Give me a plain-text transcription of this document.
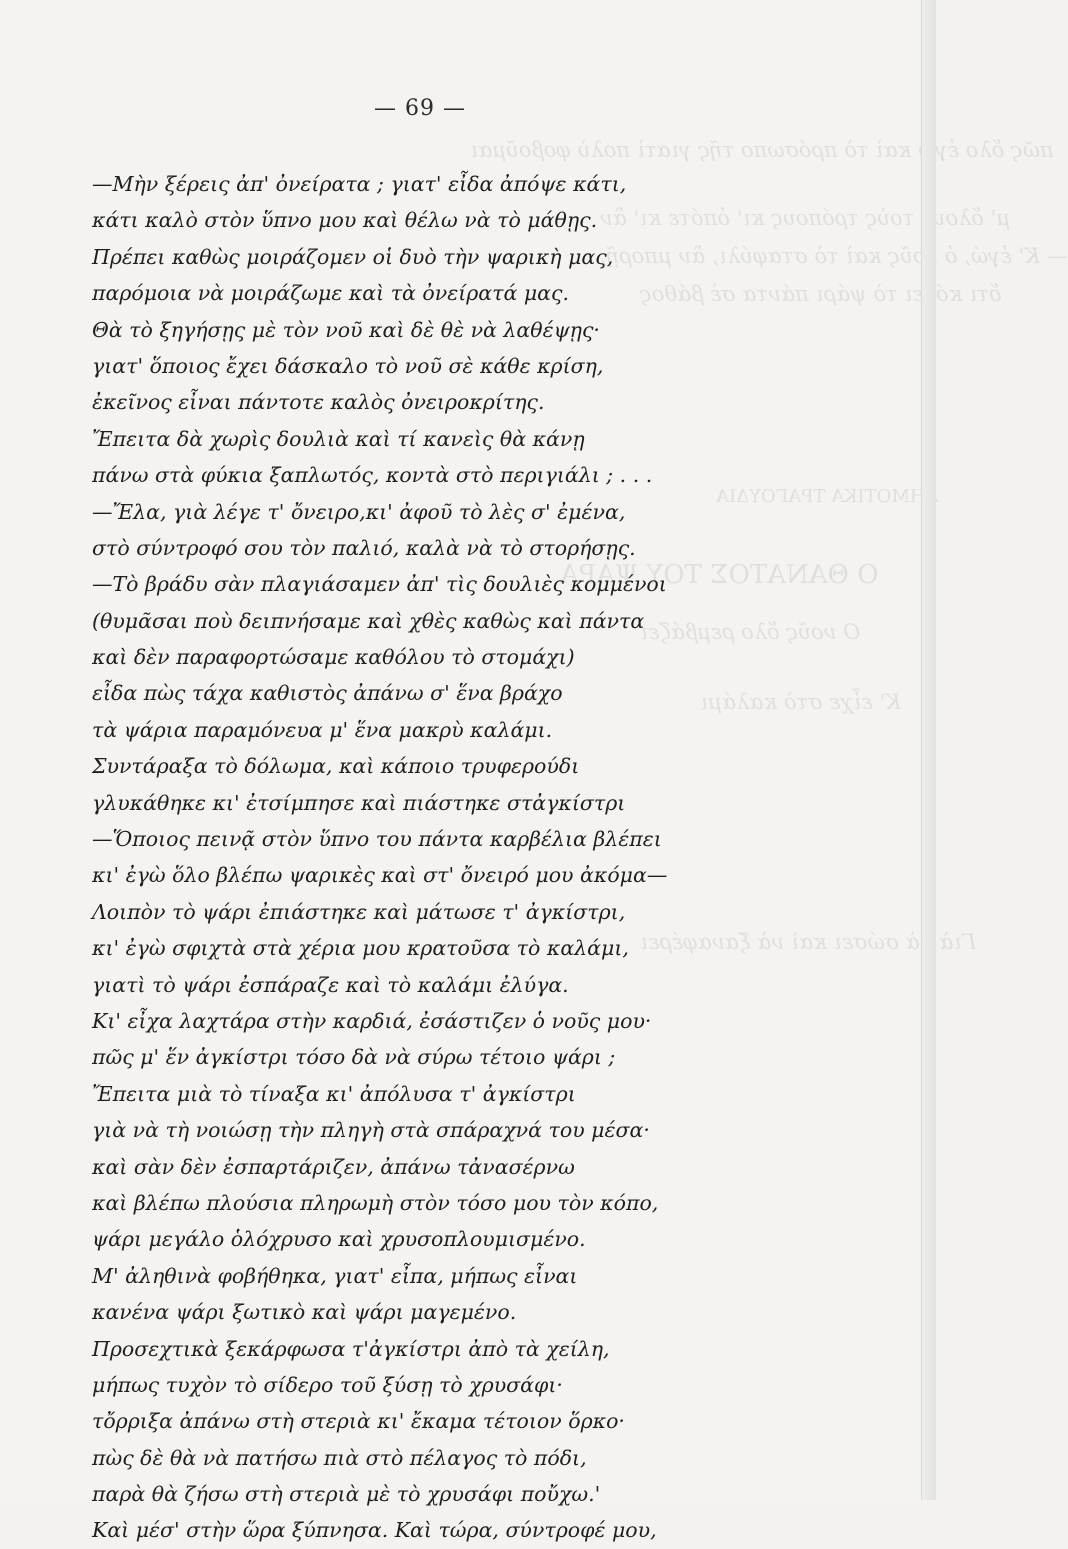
πῶς ὅλο ἐγὼ καὶ τὸ πρόσωπο τῆς γιατὶ πολὺ φοβοῦμαι
μ' ὅλους τοὺς τρόπους κι' ὁπότε κι' ἂν
— Κ' ἐγώ, ὁ νοῦς καὶ τὸ σταφύλι, ἂν μπορῇ,
ὅτι κόβει τὸ ψάρι πάντα σὲ βάθος
ΔΗΜΟΤΙΚΑ ΤΡΑΓΟΥΔΙΑ
Ο ΘΑΝΑΤΟΣ ΤΟΥ ΨΑΡΑ
Ο νοῦς ὅλο ρεμβάζει
Κ' εἶχε στὸ καλάμι
Γιὰ νὰ σώσει καὶ νὰ ξαναφέρει
— 69 —
—Μὴν ξέρεις ἀπ' ὀνείρατα ; γιατ' εἶδα ἀπόψε κάτι,
κάτι καλὸ στὸν ὕπνο μου καὶ θέλω νὰ τὸ μάθῃς.
Πρέπει καθὼς μοιράζομεν οἱ δυὸ τὴν ψαρικὴ μας,
παρόμοια νὰ μοιράζωμε καὶ τὰ ὀνείρατά μας.
Θὰ τὸ ξηγήσῃς μὲ τὸν νοῦ καὶ δὲ θὲ νὰ λαθέψῃς·
γιατ' ὅποιος ἔχει δάσκαλο τὸ νοῦ σὲ κάθε κρίση,
ἐκεῖνος εἶναι πάντοτε καλὸς ὀνειροκρίτης.
Ἔπειτα δὰ χωρὶς δουλιὰ καὶ τί κανεὶς θὰ κάνῃ
πάνω στὰ φύκια ξαπλωτός, κοντὰ στὸ περιγιάλι ; . . .
—Ἔλα, γιὰ λέγε τ' ὄνειρο,κι' ἀφοῦ τὸ λὲς σ' ἐμένα,
στὸ σύντροφό σου τὸν παλιό, καλὰ νὰ τὸ στορήσῃς.
—Τὸ βράδυ σὰν πλαγιάσαμεν ἀπ' τὶς δουλιὲς κομμένοι
(θυμᾶσαι ποὺ δειπνήσαμε καὶ χθὲς καθὼς καὶ πάντα
καὶ δὲν παραφορτώσαμε καθόλου τὸ στομάχι)
εἶδα πὼς τάχα καθιστὸς ἀπάνω σ' ἕνα βράχο
τὰ ψάρια παραμόνευα μ' ἕνα μακρὺ καλάμι.
Συντάραξα τὸ δόλωμα, καὶ κάποιο τρυφερούδι
γλυκάθηκε κι' ἐτσίμπησε καὶ πιάστηκε στἀγκίστρι
—Ὅποιος πεινᾷ στὸν ὕπνο του πάντα καρβέλια βλέπει
κι' ἐγὼ ὅλο βλέπω ψαρικὲς καὶ στ' ὄνειρό μου ἀκόμα—
Λοιπὸν τὸ ψάρι ἐπιάστηκε καὶ μάτωσε τ' ἀγκίστρι,
κι' ἐγὼ σφιχτὰ στὰ χέρια μου κρατοῦσα τὸ καλάμι,
γιατὶ τὸ ψάρι ἐσπάραζε καὶ τὸ καλάμι ἐλύγα.
Κι' εἶχα λαχτάρα στὴν καρδιά, ἐσάστιζεν ὁ νοῦς μου·
πῶς μ' ἕν ἀγκίστρι τόσο δὰ νὰ σύρω τέτοιο ψάρι ;
Ἔπειτα μιὰ τὸ τίναξα κι' ἀπόλυσα τ' ἀγκίστρι
γιὰ νὰ τὴ νοιώσῃ τὴν πληγὴ στὰ σπάραχνά του μέσα·
καὶ σὰν δὲν ἐσπαρτάριζεν, ἀπάνω τἀνασέρνω
καὶ βλέπω πλούσια πληρωμὴ στὸν τόσο μου τὸν κόπο,
ψάρι μεγάλο ὁλόχρυσο καὶ χρυσοπλουμισμένο.
Μ' ἀληθινὰ φοβήθηκα, γιατ' εἶπα, μήπως εἶναι
κανένα ψάρι ξωτικὸ καὶ ψάρι μαγεμένο.
Προσεχτικὰ ξεκάρφωσα τ'ἀγκίστρι ἀπὸ τὰ χείλη,
μήπως τυχὸν τὸ σίδερο τοῦ ξύσῃ τὸ χρυσάφι·
τὄρριξα ἀπάνω στὴ στεριὰ κι' ἔκαμα τέτοιον ὅρκο·
πὼς δὲ θὰ νὰ πατήσω πιὰ στὸ πέλαγος τὸ πόδι,
παρὰ θὰ ζήσω στὴ στεριὰ μὲ τὸ χρυσάφι ποὔχω.'
Καὶ μέσ' στὴν ὥρα ξύπνησα. Καὶ τώρα, σύντροφέ μου,
